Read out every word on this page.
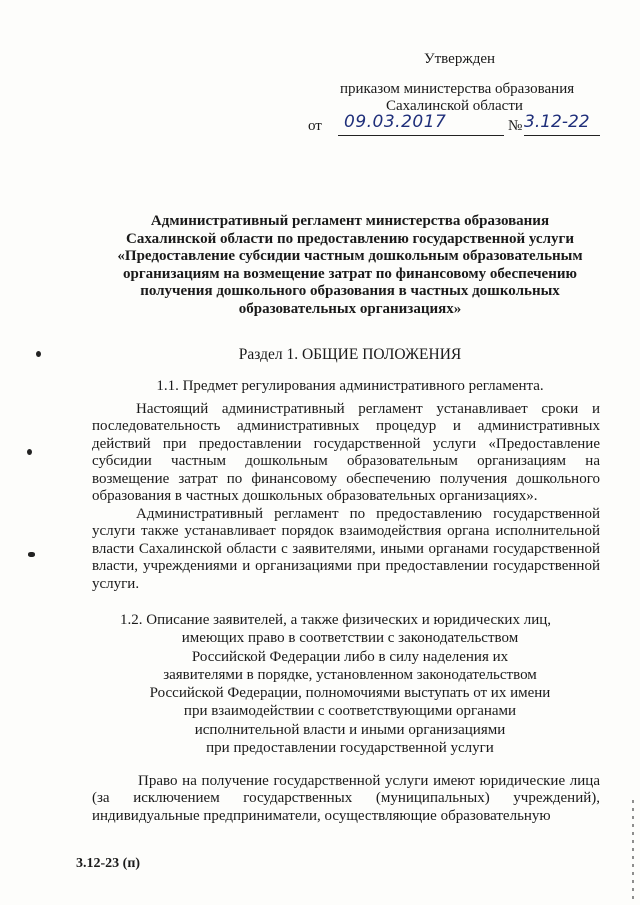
Утвержден
приказом министерства образования
Сахалинской области
от	09.03.2017	№ 3.12-22
Административный регламент министерства образования
Сахалинской области по предоставлению государственной услуги
«Предоставление субсидии частным дошкольным образовательным
организациям на возмещение затрат по финансовому обеспечению
получения дошкольного образования в частных дошкольных
образовательных организациях»
Раздел 1. ОБЩИЕ ПОЛОЖЕНИЯ
1.1. Предмет регулирования административного регламента.
Настоящий административный регламент устанавливает сроки и последовательность административных процедур и административных действий при предоставлении государственной услуги «Предоставление субсидии частным дошкольным образовательным организациям на возмещение затрат по финансовому обеспечению получения дошкольного образования в частных дошкольных образовательных организациях».
Административный регламент по предоставлению государственной услуги также устанавливает порядок взаимодействия органа исполнительной власти Сахалинской области с заявителями, иными органами государственной власти, учреждениями и организациями при предоставлении государственной услуги.
1.2. Описание заявителей, а также физических и юридических лиц,
имеющих право в соответствии с законодательством
Российской Федерации либо в силу наделения их
заявителями в порядке, установленном законодательством
Российской Федерации, полномочиями выступать от их имени
при взаимодействии с соответствующими органами
исполнительной власти и иными организациями
при предоставлении государственной услуги
Право на получение государственной услуги имеют юридические лица (за исключением государственных (муниципальных) учреждений), индивидуальные предприниматели, осуществляющие образовательную
3.12-23 (п)
